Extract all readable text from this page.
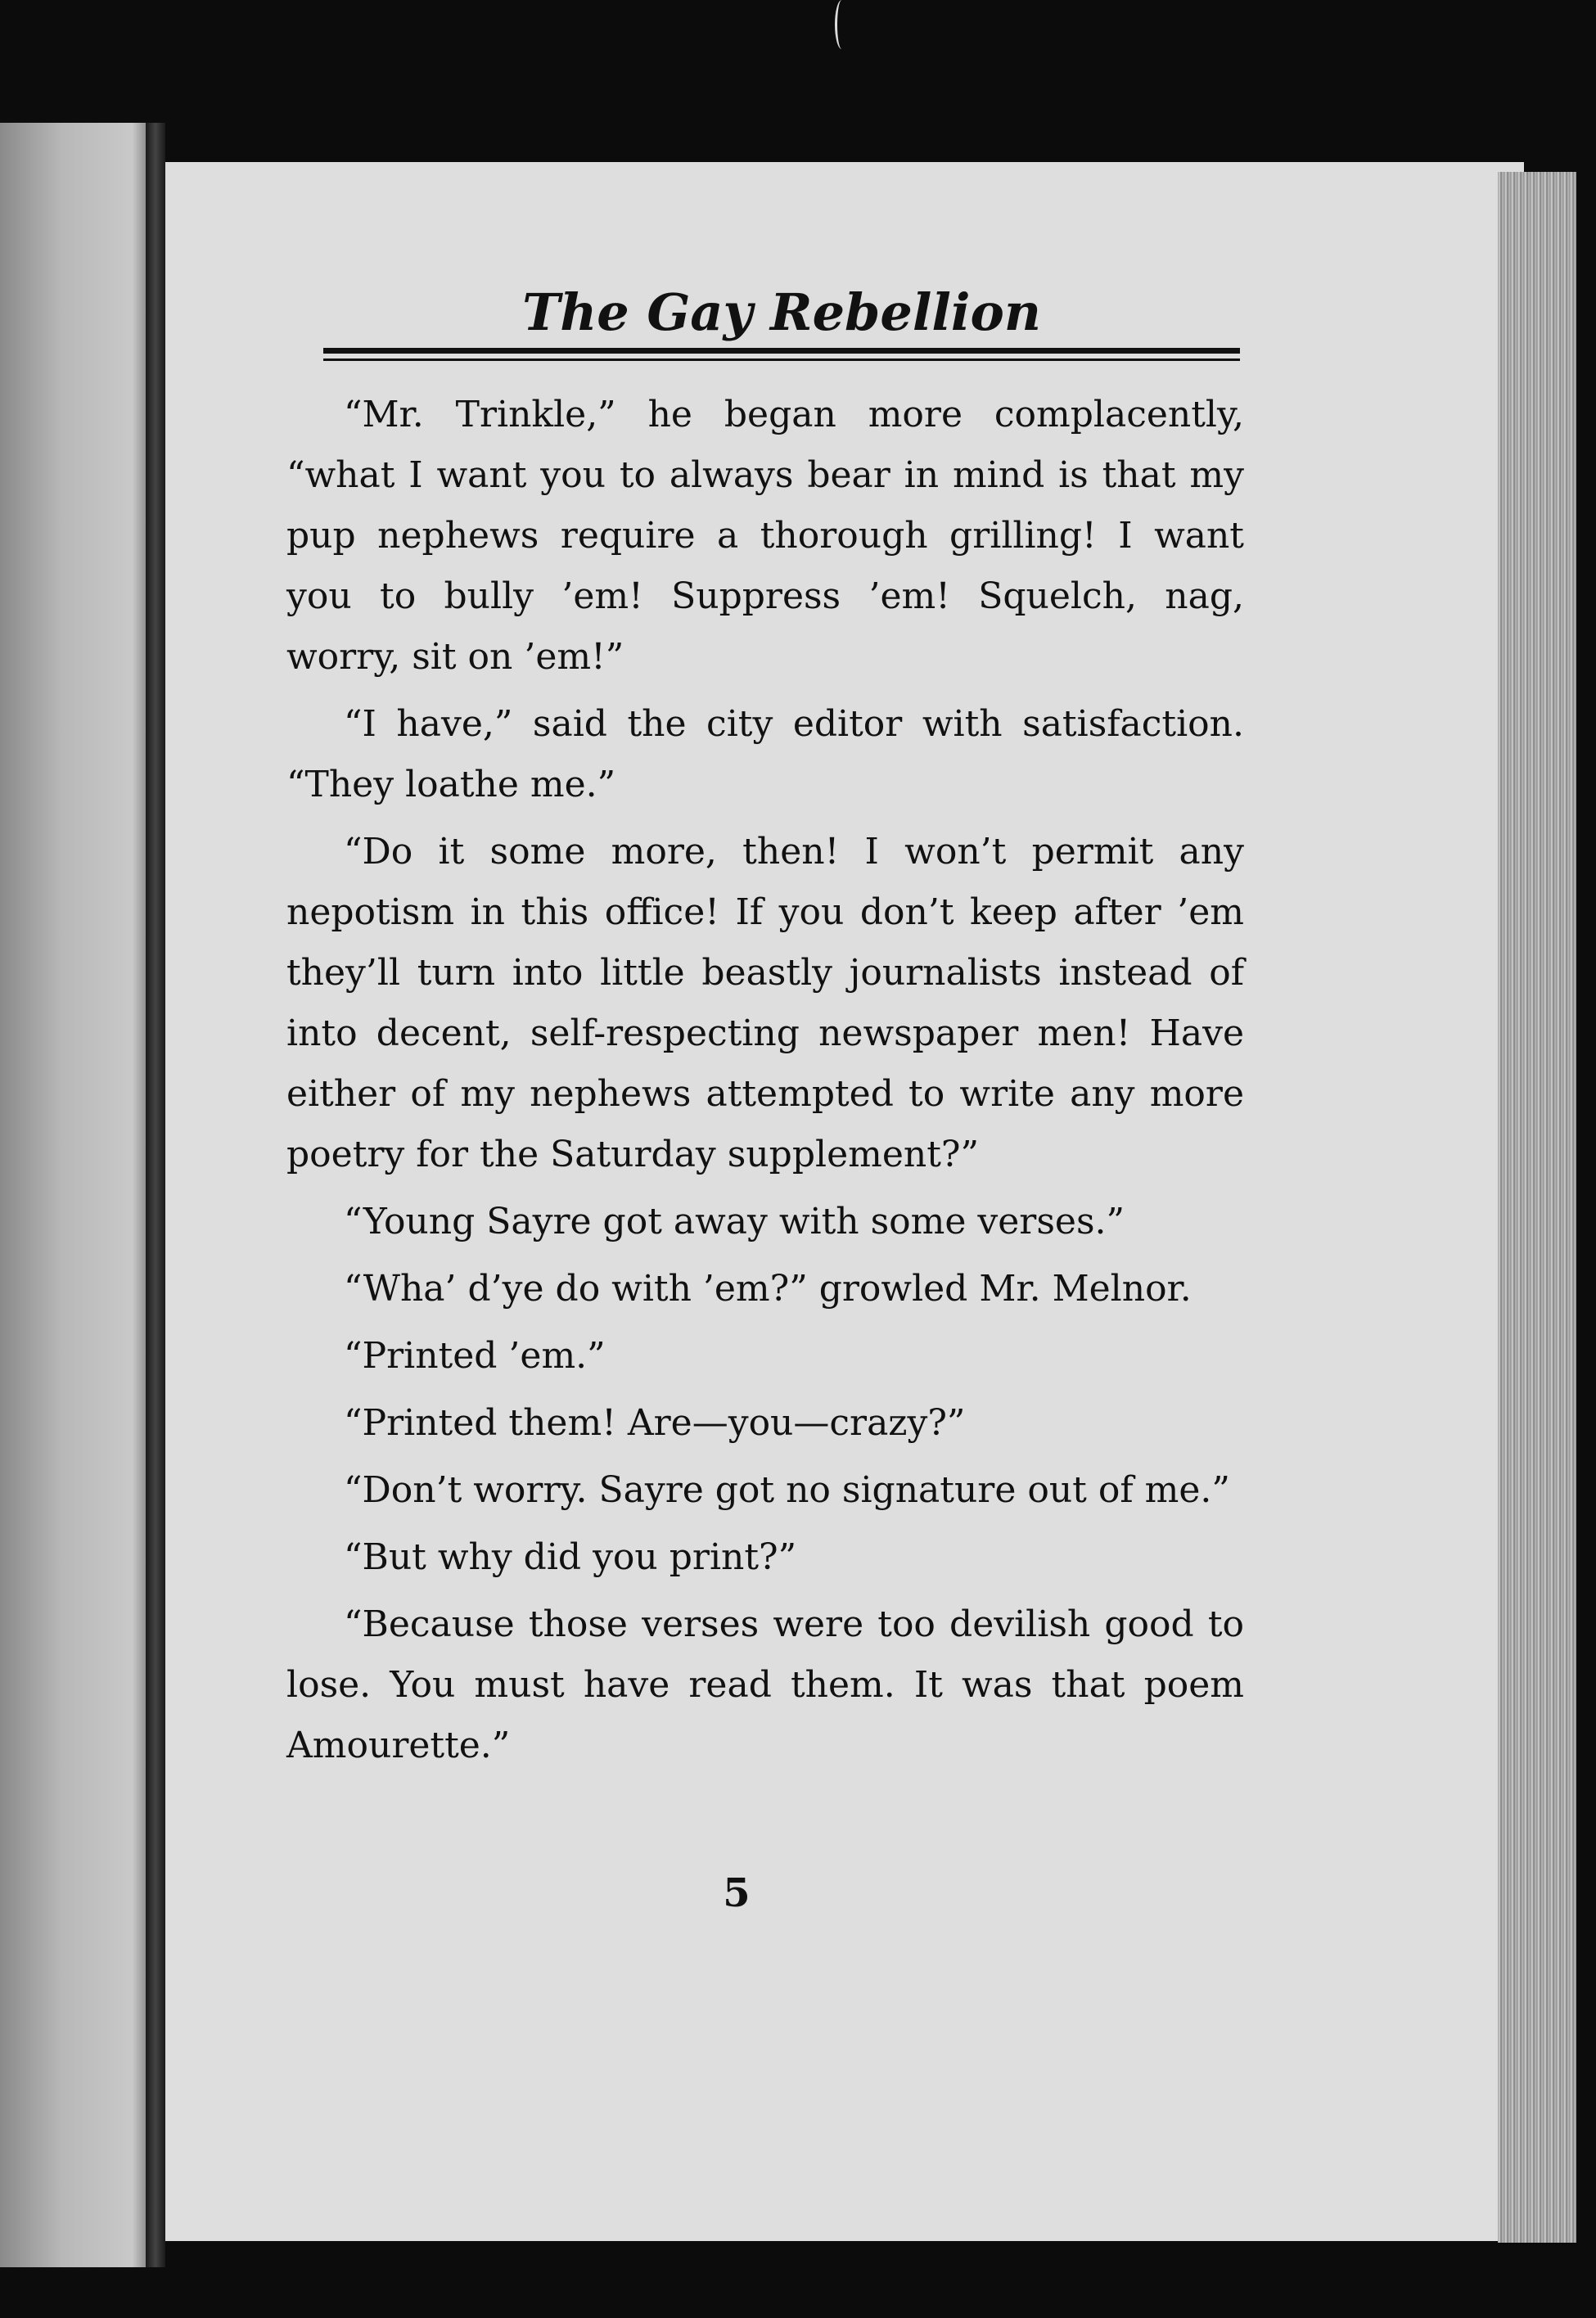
The Gay Rebellion

“Mr. Trinkle,” he began more complacently, “what I want you to always bear in mind is that my pup nephews require a thorough grilling! I want you to bully ’em! Suppress ’em! Squelch, nag, worry, sit on ’em!”

“I have,” said the city editor with satisfaction. “They loathe me.”

“Do it some more, then! I won’t permit any nepotism in this office! If you don’t keep after ’em they’ll turn into little beastly journalists instead of into decent, self-respecting newspaper men! Have either of my nephews attempted to write any more poetry for the Saturday supplement?”

“Young Sayre got away with some verses.”

“Wha’ d’ye do with ’em?” growled Mr. Melnor.

“Printed ’em.”

“Printed them! Are—you—crazy?”

“Don’t worry. Sayre got no signature out of me.”

“But why did you print?”

“Because those verses were too devilish good to lose. You must have read them. It was that poem Amourette.”

5
